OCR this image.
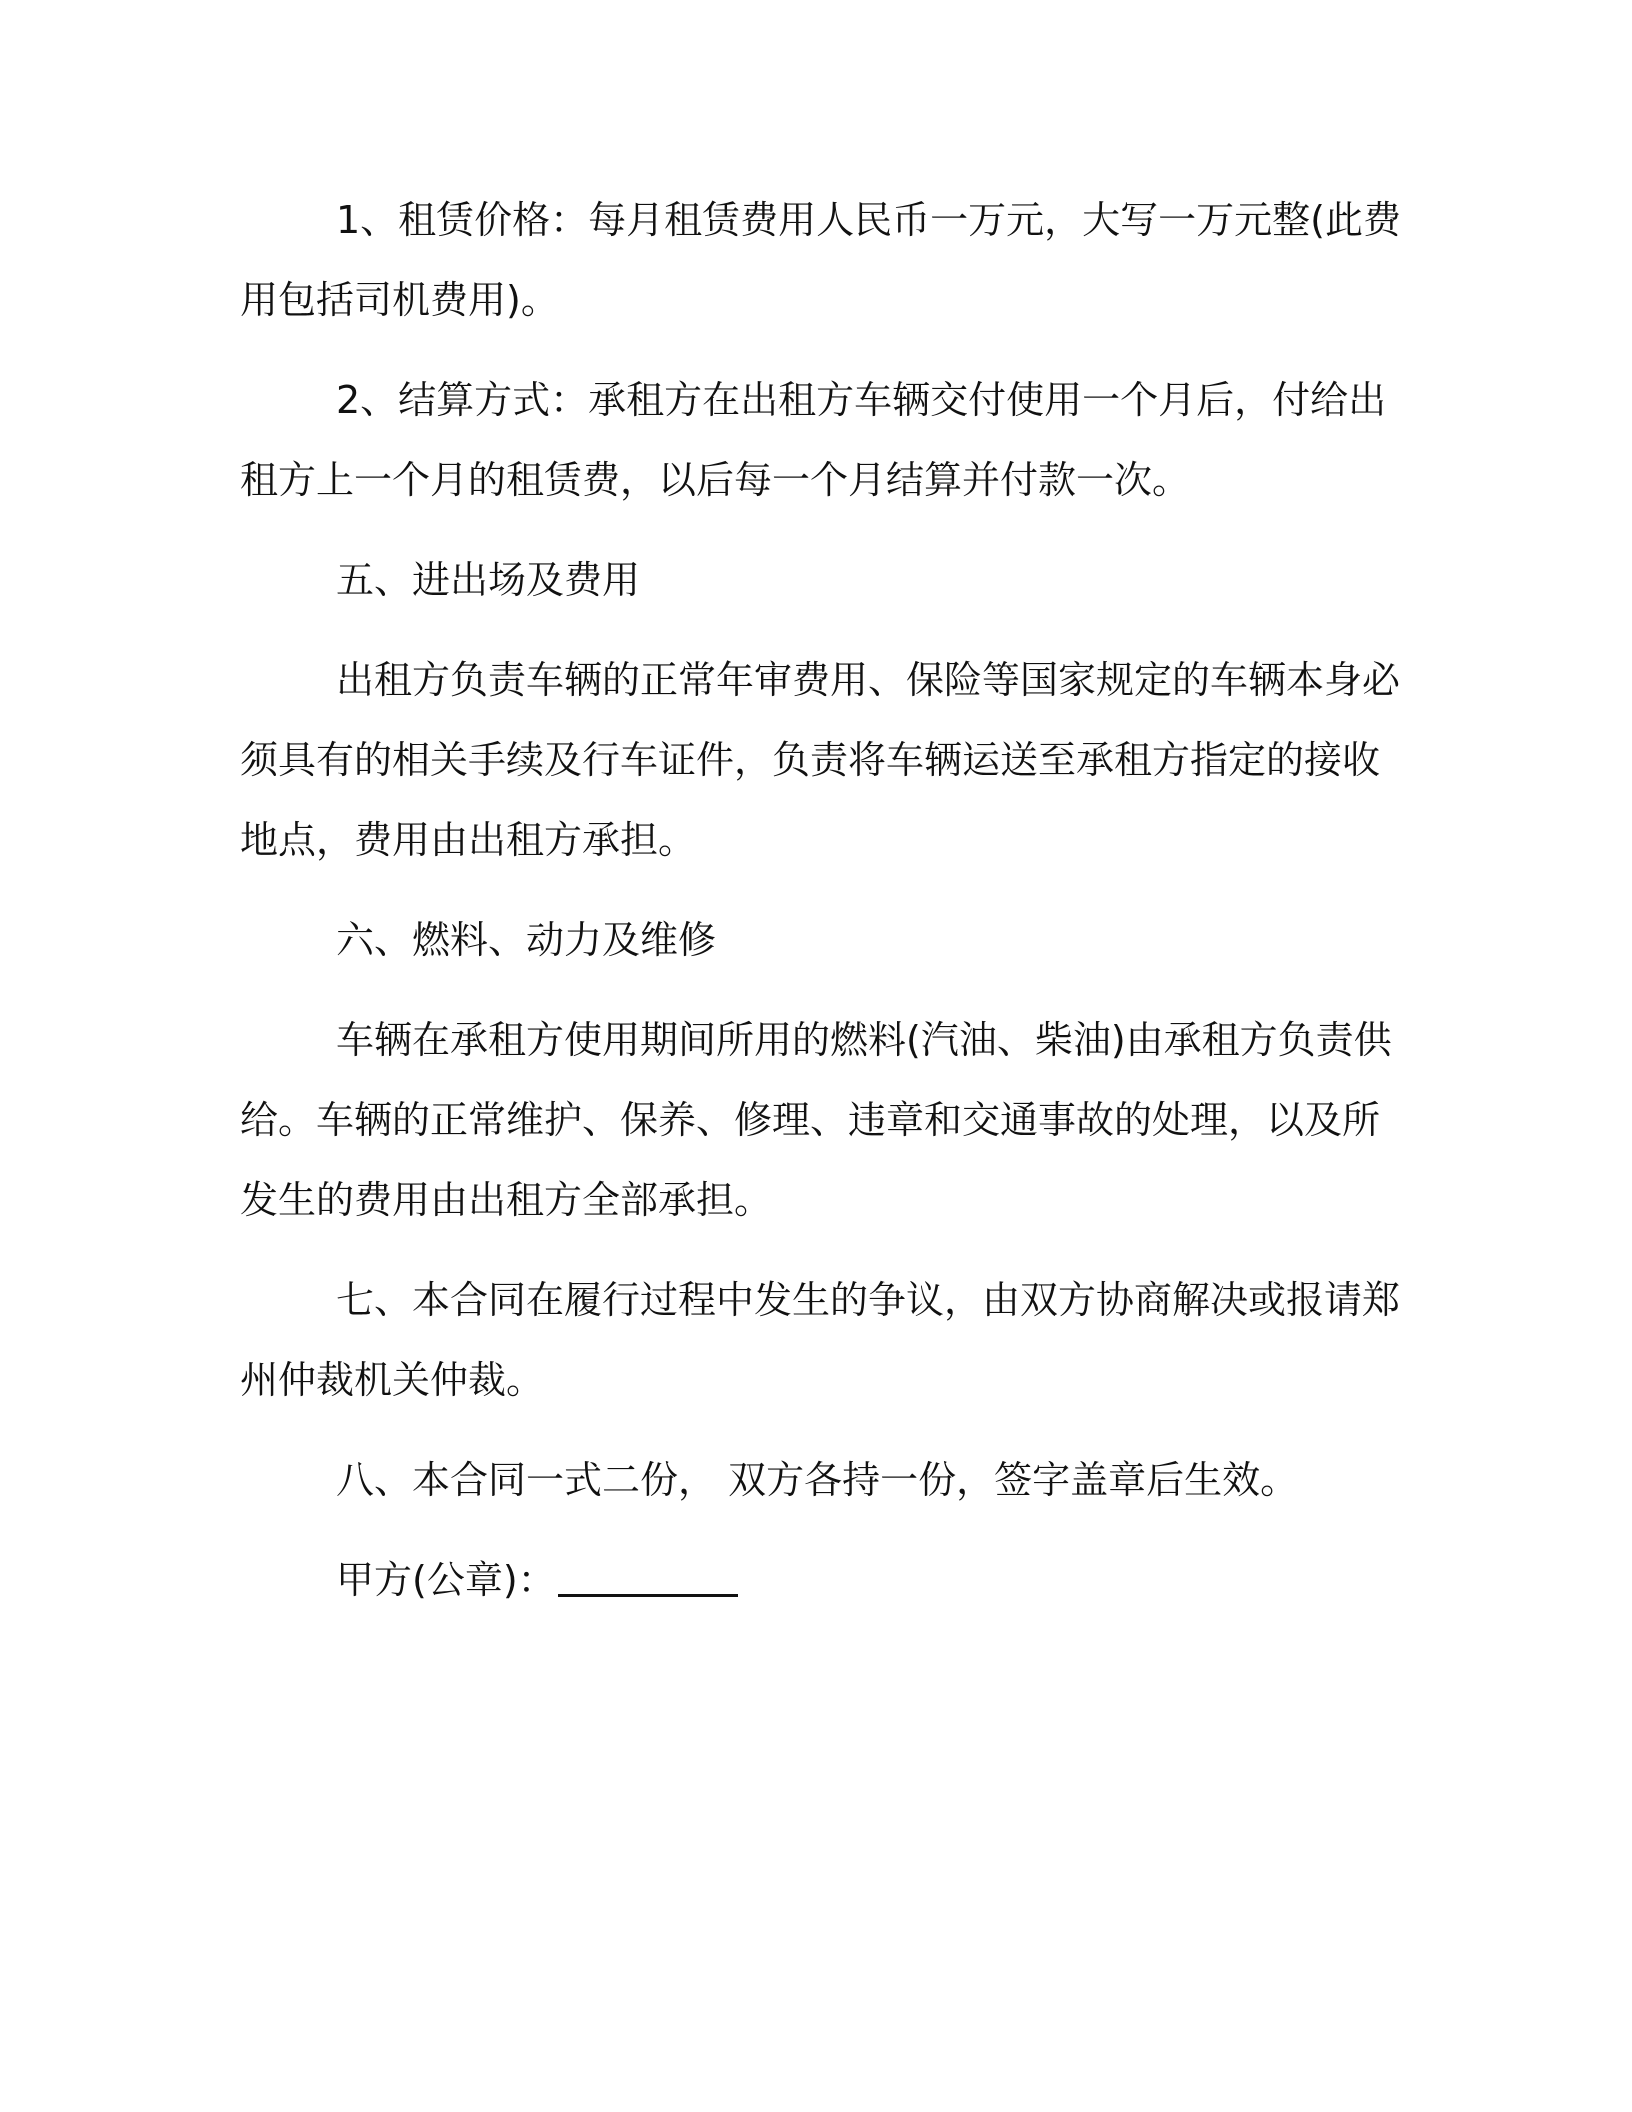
1、租赁价格：每月租赁费用人民币一万元，大写一万元整(此费
用包括司机费用)。

2、结算方式：承租方在出租方车辆交付使用一个月后，付给出
租方上一个月的租赁费，以后每一个月结算并付款一次。

五、进出场及费用

出租方负责车辆的正常年审费用、保险等国家规定的车辆本身必
须具有的相关手续及行车证件，负责将车辆运送至承租方指定的接收
地点，费用由出租方承担。

六、燃料、动力及维修

车辆在承租方使用期间所用的燃料(汽油、柴油)由承租方负责供
给。车辆的正常维护、保养、修理、违章和交通事故的处理，以及所
发生的费用由出租方全部承担。

七、本合同在履行过程中发生的争议，由双方协商解决或报请郑
州仲裁机关仲裁。

八、本合同一式二份， 双方各持一份，签字盖章后生效。

甲方(公章)：
